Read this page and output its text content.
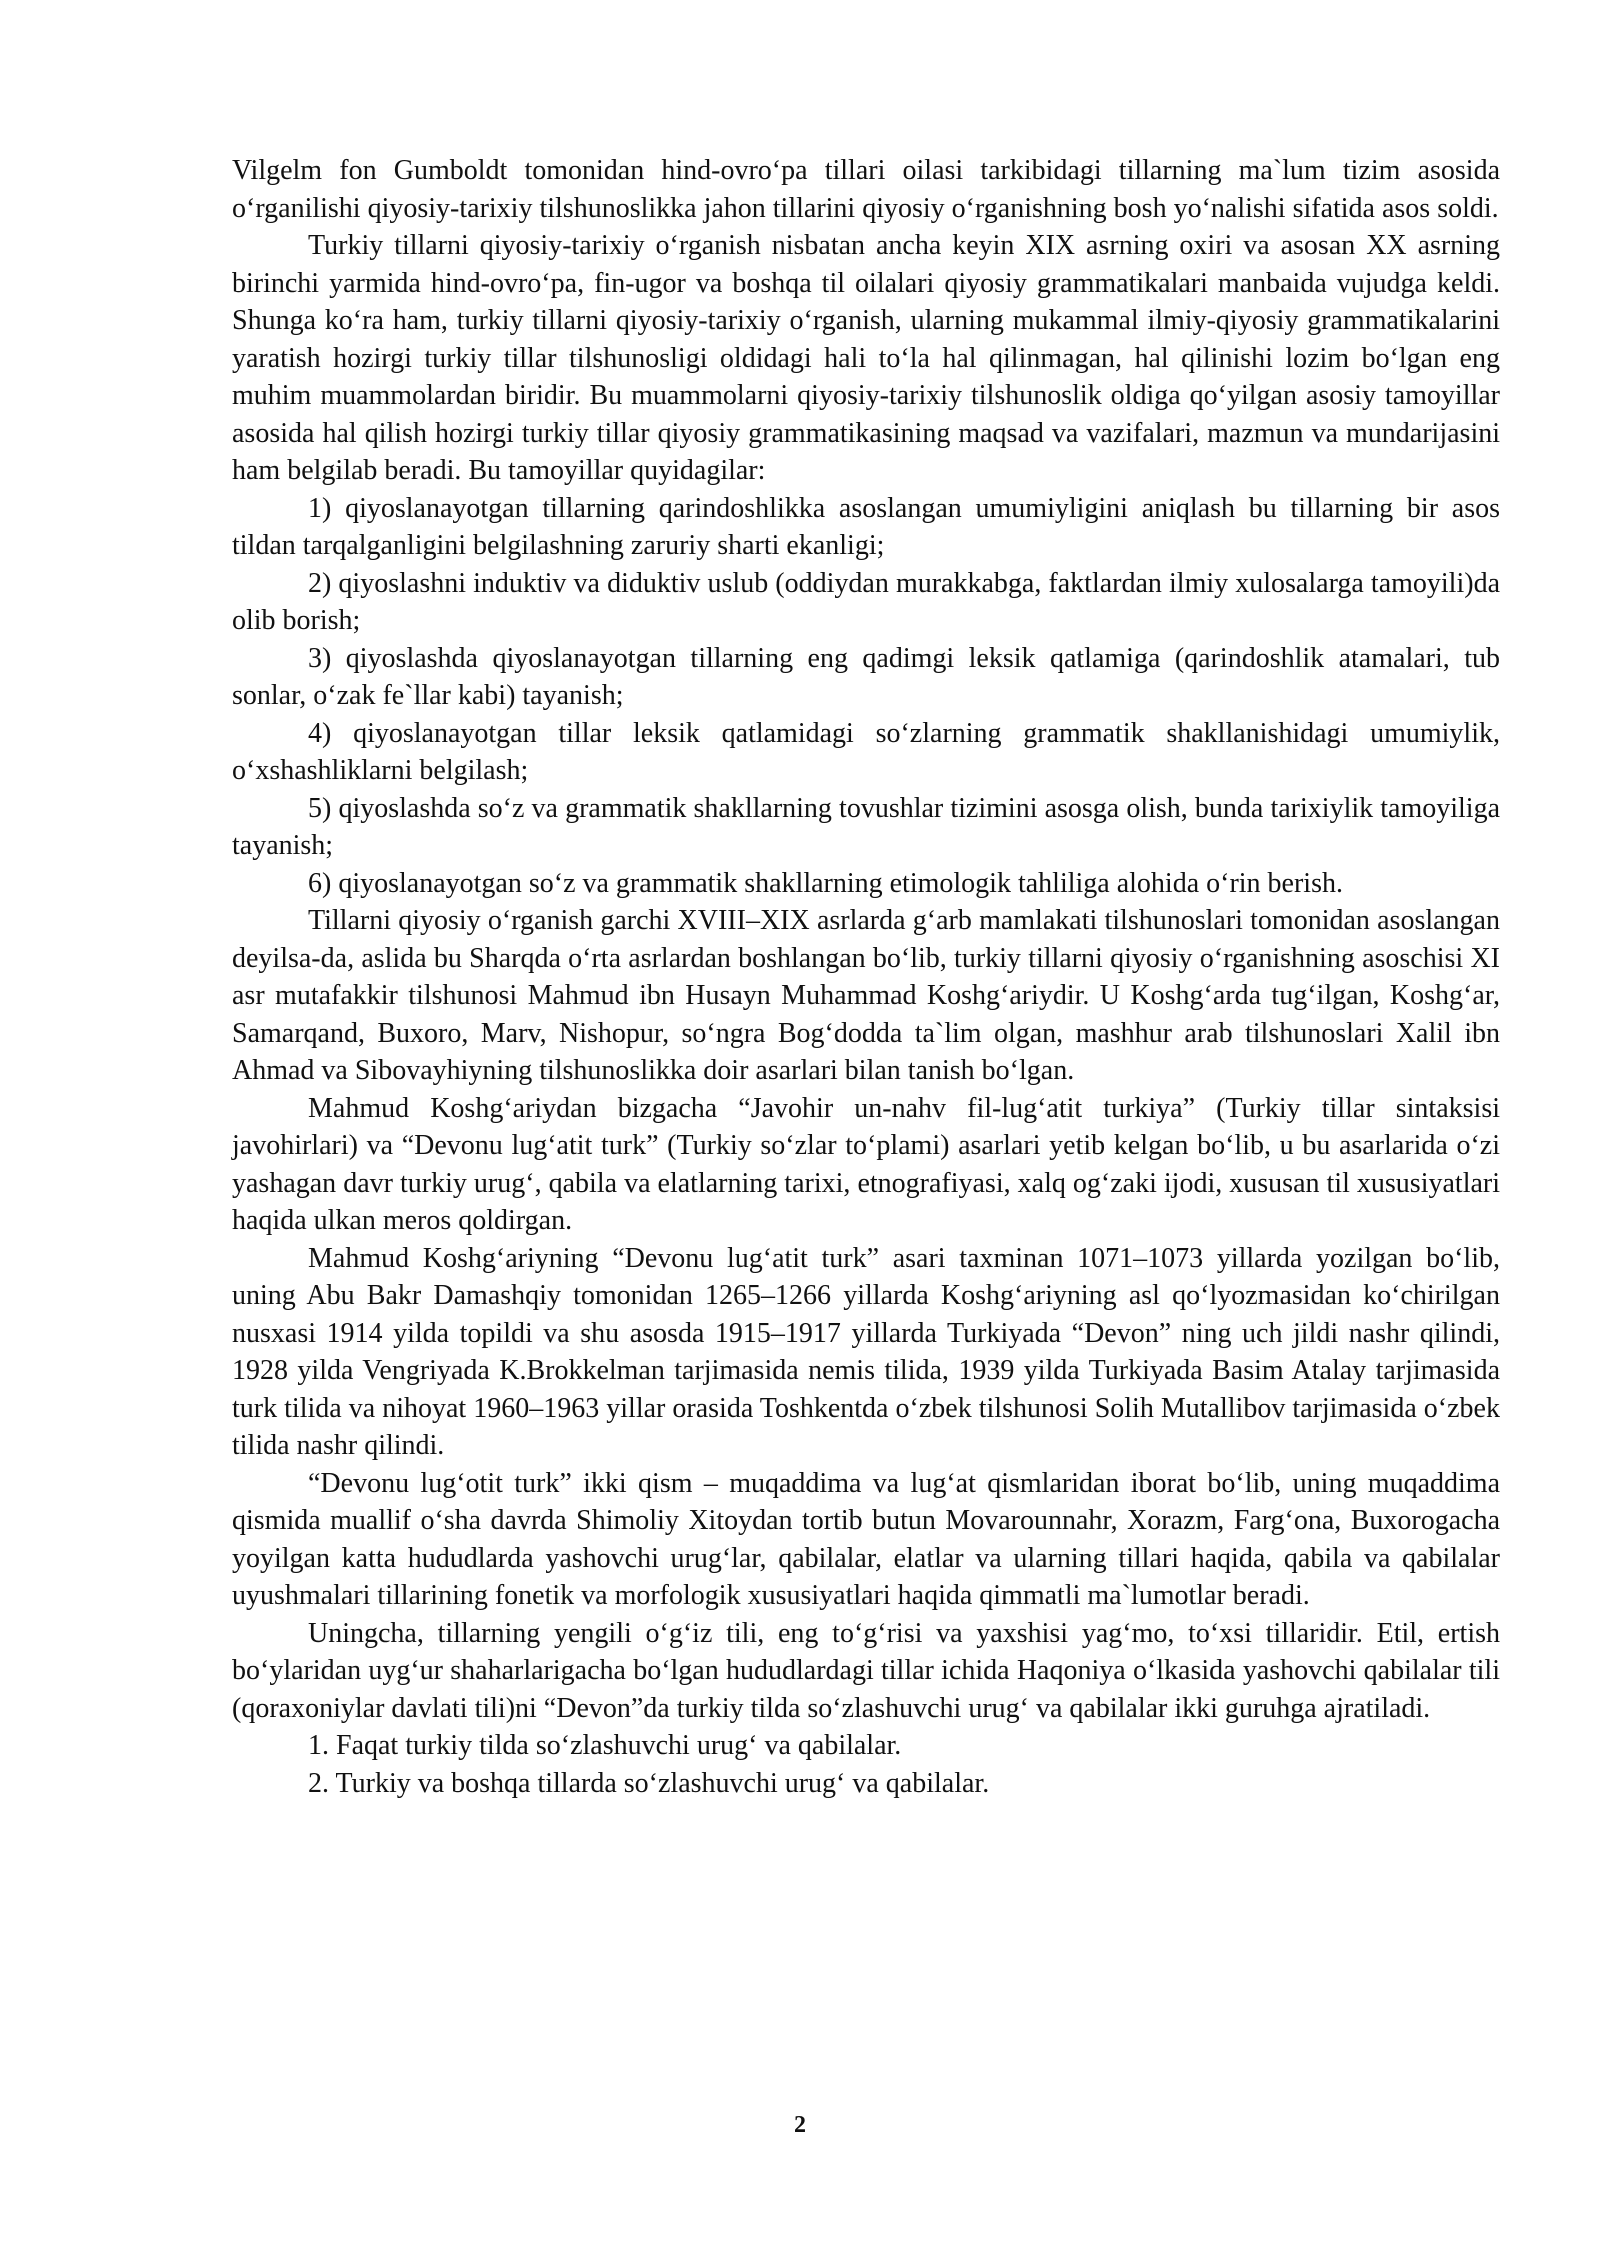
Vilgelm fon Gumboldt tomonidan hind-ovro‘pa tillari oilasi tarkibidagi tillarning ma`lum tizim asosida o‘rganilishi qiyosiy-tarixiy tilshunoslikka jahon tillarini qiyosiy o‘rganishning bosh yo‘nalishi sifatida asos soldi.

Turkiy tillarni qiyosiy-tarixiy o‘rganish nisbatan ancha keyin XIX asrning oxiri va asosan XX asrning birinchi yarmida hind-ovro‘pa, fin-ugor va boshqa til oilalari qiyosiy grammatikalari manbaida vujudga keldi. Shunga ko‘ra ham, turkiy tillarni qiyosiy-tarixiy o‘rganish, ularning mukammal ilmiy-qiyosiy grammatikalarini yaratish hozirgi turkiy tillar tilshunosligi oldidagi hali to‘la hal qilinmagan, hal qilinishi lozim bo‘lgan eng muhim muammolardan biridir. Bu muammolarni qiyosiy-tarixiy tilshunoslik oldiga qo‘yilgan asosiy tamoyillar asosida hal qilish hozirgi turkiy tillar qiyosiy grammatikasining maqsad va vazifalari, mazmun va mundarijasini ham belgilab beradi. Bu tamoyillar quyidagilar:

1) qiyoslanayotgan tillarning qarindoshlikka asoslangan umumiyligini aniqlash bu tillarning bir asos tildan tarqalganligini belgilashning zaruriy sharti ekanligi;

2) qiyoslashni induktiv va diduktiv uslub (oddiydan murakkabga, faktlardan ilmiy xulosalarga tamoyili)da olib borish;

3) qiyoslashda qiyoslanayotgan tillarning eng qadimgi leksik qatlamiga (qarindoshlik atamalari, tub sonlar, o‘zak fe`llar kabi) tayanish;

4) qiyoslanayotgan tillar leksik qatlamidagi so‘zlarning grammatik shakllanishidagi umumiylik, o‘xshashliklarni belgilash;

5) qiyoslashda so‘z va grammatik shakllarning tovushlar tizimini asosga olish, bunda tarixiylik tamoyiliga tayanish;

6) qiyoslanayotgan so‘z va grammatik shakllarning etimologik tahliliga alohida o‘rin berish.

Tillarni qiyosiy o‘rganish garchi XVIII–XIX asrlarda g‘arb mamlakati tilshunoslari tomonidan asoslangan deyilsa-da, aslida bu Sharqda o‘rta asrlardan boshlangan bo‘lib, turkiy tillarni qiyosiy o‘rganishning asoschisi XI asr mutafakkir tilshunosi Mahmud ibn Husayn Muhammad Koshg‘ariydir. U Koshg‘arda tug‘ilgan, Koshg‘ar, Samarqand, Buxoro, Marv, Nishopur, so‘ngra Bog‘dodda ta`lim olgan, mashhur arab tilshunoslari Xalil ibn Ahmad va Sibovayhiyning tilshunoslikka doir asarlari bilan tanish bo‘lgan.

Mahmud Koshg‘ariydan bizgacha “Javohir un-nahv fil-lug‘atit turkiya” (Turkiy tillar sintaksisi javohirlari) va “Devonu lug‘atit turk” (Turkiy so‘zlar to‘plami) asarlari yetib kelgan bo‘lib, u bu asarlarida o‘zi yashagan davr turkiy urug‘, qabila va elatlarning tarixi, etnografiyasi, xalq og‘zaki ijodi, xususan til xususiyatlari haqida ulkan meros qoldirgan.

Mahmud Koshg‘ariyning “Devonu lug‘atit turk” asari taxminan 1071–1073 yillarda yozilgan bo‘lib, uning Abu Bakr Damashqiy tomonidan 1265–1266 yillarda Koshg‘ariyning asl qo‘lyozmasidan ko‘chirilgan nusxasi 1914 yilda topildi va shu asosda 1915–1917 yillarda Turkiyada “Devon” ning uch jildi nashr qilindi, 1928 yilda Vengriyada K.Brokkelman tarjimasida nemis tilida, 1939 yilda Turkiyada Basim Atalay tarjimasida turk tilida va nihoyat 1960–1963 yillar orasida Toshkentda o‘zbek tilshunosi Solih Mutallibov tarjimasida o‘zbek tilida nashr qilindi.

“Devonu lug‘otit turk” ikki qism – muqaddima va lug‘at qismlaridan iborat bo‘lib, uning muqaddima qismida muallif o‘sha davrda Shimoliy Xitoydan tortib butun Movarounnahr, Xorazm, Farg‘ona, Buxorogacha yoyilgan katta hududlarda yashovchi urug‘lar, qabilalar, elatlar va ularning tillari haqida, qabila va qabilalar uyushmalari tillarining fonetik va morfologik xususiyatlari haqida qimmatli ma`lumotlar beradi.

Uningcha, tillarning yengili o‘g‘iz tili, eng to‘g‘risi va yaxshisi yag‘mo, to‘xsi tillaridir. Etil, ertish bo‘ylaridan uyg‘ur shaharlarigacha bo‘lgan hududlardagi tillar ichida Haqoniya o‘lkasida yashovchi qabilalar tili (qoraxoniylar davlati tili)ni “Devon”da turkiy tilda so‘zlashuvchi urug‘ va qabilalar ikki guruhga ajratiladi.

1. Faqat turkiy tilda so‘zlashuvchi urug‘ va qabilalar.

2. Turkiy va boshqa tillarda so‘zlashuvchi urug‘ va qabilalar.

2
